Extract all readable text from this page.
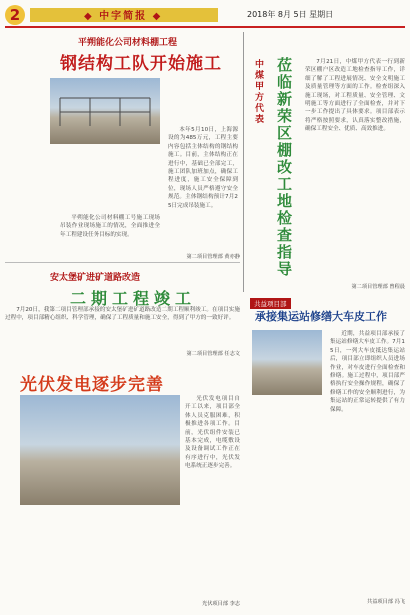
2	◆ 中字简报 ◆	2018年 8月 5日 星期日
平朔能化公司材料棚工程
钢结构工队开始施工

本年5月10日，上海源设的为485万元，工程主要内容包括主体结构的钢结构施工。目前，主体结构正在进行中，基础已全部完工，施工团队加班加点，确保工程进度，施工安全保障到位，现场人员严格遵守安全规范。主体钢结构预计7月25日完成吊装施工。

平朔能化公司材料棚工号施工现场吊装作业现场施工的情况，全面推进全年工程建设任务目标的实现。

第二项目管理部 黄亦静
中煤甲方代表
莅临新荣区棚改工地检查指导

7月21日，中煤甲方代表一行到新荣区棚户区改造工地检查指导工作，详细了解了工程进展情况、安全文明施工及质量管理等方面的工作。检查组深入施工现场，对工程质量、安全管理、文明施工等方面进行了全面检查，并对下一步工作提出了具体要求。项目部表示将严格按照要求，认真落实整改措施，确保工程安全、优质、高效推进。

第二项目管理部 曾程晨
安太堡矿进矿道路改造
二期工程竣工

7月20日，我第二项目管理部承接的安太堡矿进矿道路改造二期工程顺利竣工。在项目实施过程中，项目部精心组织、科学管理，确保了工程质量和施工安全，得到了甲方的一致好评。

第二项目管理部 任志文
共益项目部
承接集运站修缮大车皮工作

近期，共益项目部承接了集运站修缮大车皮工作。7月15日，一列大车皮抵达集运站后，项目部立即组织人员进场作业，对车皮进行全面检查和修缮。施工过程中，项目部严格执行安全操作规程，确保了修缮工作的安全顺利进行，为集运站的正常运转提供了有力保障。

共益项目部 冯飞
光伏发电逐步完善

光伏发电项目自开工以来，项目部全体人员克服困难，积极推进各项工作。目前，光伏组件安装已基本完成，电缆敷设及设备调试工作正在有序进行中，光伏发电系统正逐步完善。

光伏项目部 李志
